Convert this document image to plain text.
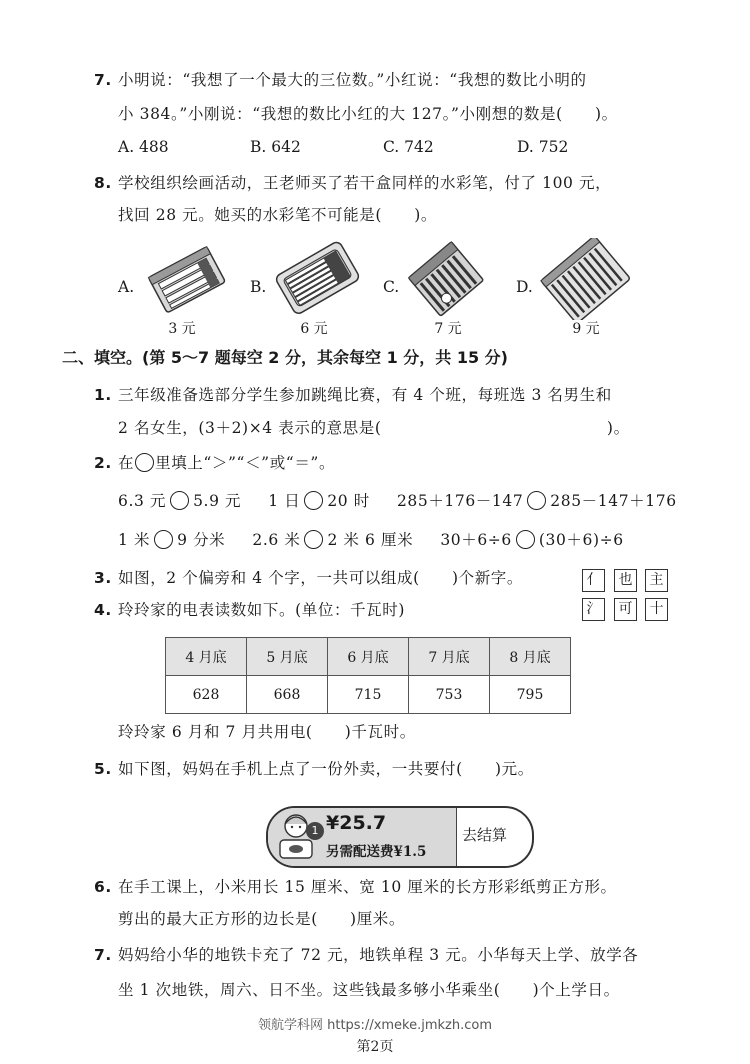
7. 小明说：“我想了一个最大的三位数。”小红说：“我想的数比小明的
小 384。”小刚说：“我想的数比小红的大 127。”小刚想的数是(　　)。
A. 488	B. 642	C. 742	D. 752
8. 学校组织绘画活动，王老师买了若干盒同样的水彩笔，付了 100 元，
找回 28 元。她买的水彩笔不可能是(　　)。
A.	B.	C.	D.
3 元	6 元	7 元	9 元
二、填空。(第 5～7 题每空 2 分，其余每空 1 分，共 15 分)
1. 三年级准备选部分学生参加跳绳比赛，有 4 个班，每班选 3 名男生和
2 名女生，(3＋2)×4 表示的意思是(　　　　　　　　　　　　　　)。
2. 在 里填上“＞”“＜”或“＝”。
6.3 元 5.9 元 1 日 20 时 285＋176－147 285－147＋176
1 米 9 分米 2.6 米 2 米 6 厘米 30＋6÷6 (30＋6)÷6
3. 如图，2 个偏旁和 4 个字，一共可以组成(　　)个新字。	亻	也	主
氵	可	十
4. 玲玲家的电表读数如下。(单位：千瓦时)
4 月底	5 月底	6 月底	7 月底	8 月底
628	668	715	753	795
玲玲家 6 月和 7 月共用电(　　)千瓦时。
5. 如下图，妈妈在手机上点了一份外卖，一共要付(　　)元。
1 ¥25.7
另需配送费¥1.5
去结算
6. 在手工课上，小米用长 15 厘米、宽 10 厘米的长方形彩纸剪正方形。
剪出的最大正方形的边长是(　　)厘米。
7. 妈妈给小华的地铁卡充了 72 元，地铁单程 3 元。小华每天上学、放学各
坐 1 次地铁，周六、日不坐。这些钱最多够小华乘坐(　　)个上学日。
领航学科网 https://xmeke.jmkzh.com
第2页
